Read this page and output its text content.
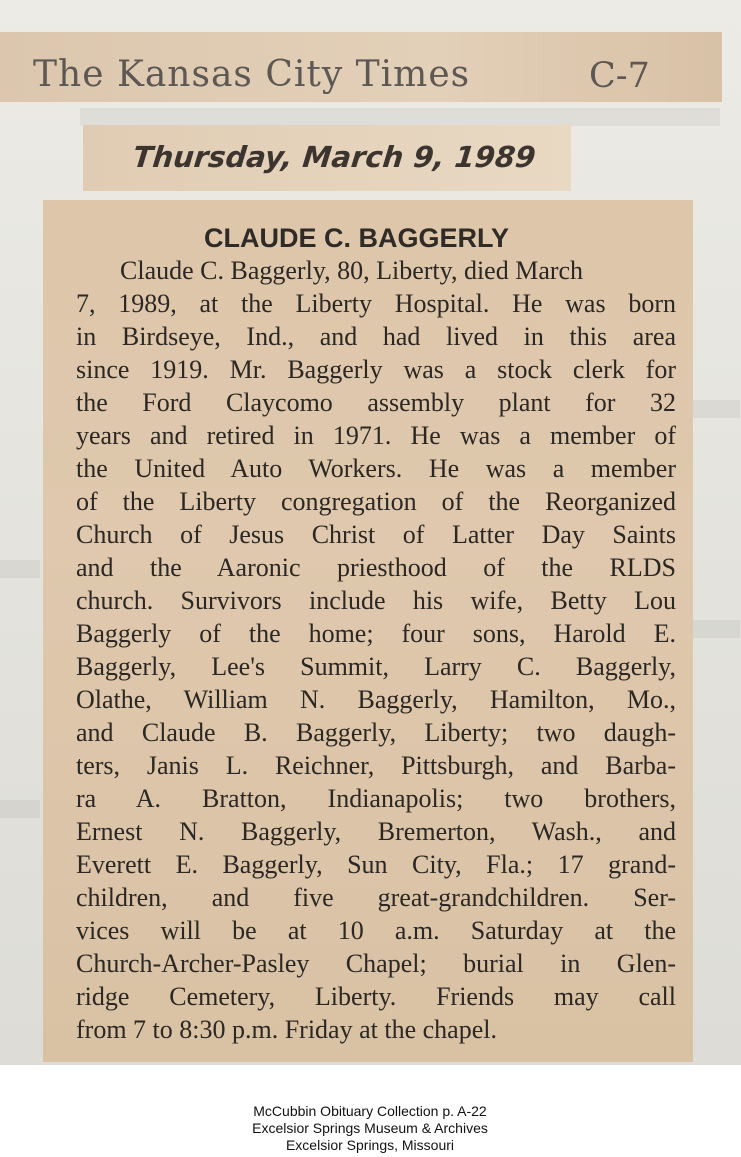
The Kansas City Times	C-7
Thursday, March 9, 1989
CLAUDE C. BAGGERLY
Claude C. Baggerly, 80, Liberty, died March
7, 1989, at the Liberty Hospital. He was born
in Birdseye, Ind., and had lived in this area
since 1919. Mr. Baggerly was a stock clerk for
the Ford Claycomo assembly plant for 32
years and retired in 1971. He was a member of
the United Auto Workers. He was a member
of the Liberty congregation of the Reorganized
Church of Jesus Christ of Latter Day Saints
and the Aaronic priesthood of the RLDS
church. Survivors include his wife, Betty Lou
Baggerly of the home; four sons, Harold E.
Baggerly, Lee's Summit, Larry C. Baggerly,
Olathe, William N. Baggerly, Hamilton, Mo.,
and Claude B. Baggerly, Liberty; two daugh-
ters, Janis L. Reichner, Pittsburgh, and Barba-
ra A. Bratton, Indianapolis; two brothers,
Ernest N. Baggerly, Bremerton, Wash., and
Everett E. Baggerly, Sun City, Fla.; 17 grand-
children, and five great-grandchildren. Ser-
vices will be at 10 a.m. Saturday at the
Church-Archer-Pasley Chapel; burial in Glen-
ridge Cemetery, Liberty. Friends may call
from 7 to 8:30 p.m. Friday at the chapel.
McCubbin Obituary Collection p. A-22
Excelsior Springs Museum & Archives
Excelsior Springs, Missouri
